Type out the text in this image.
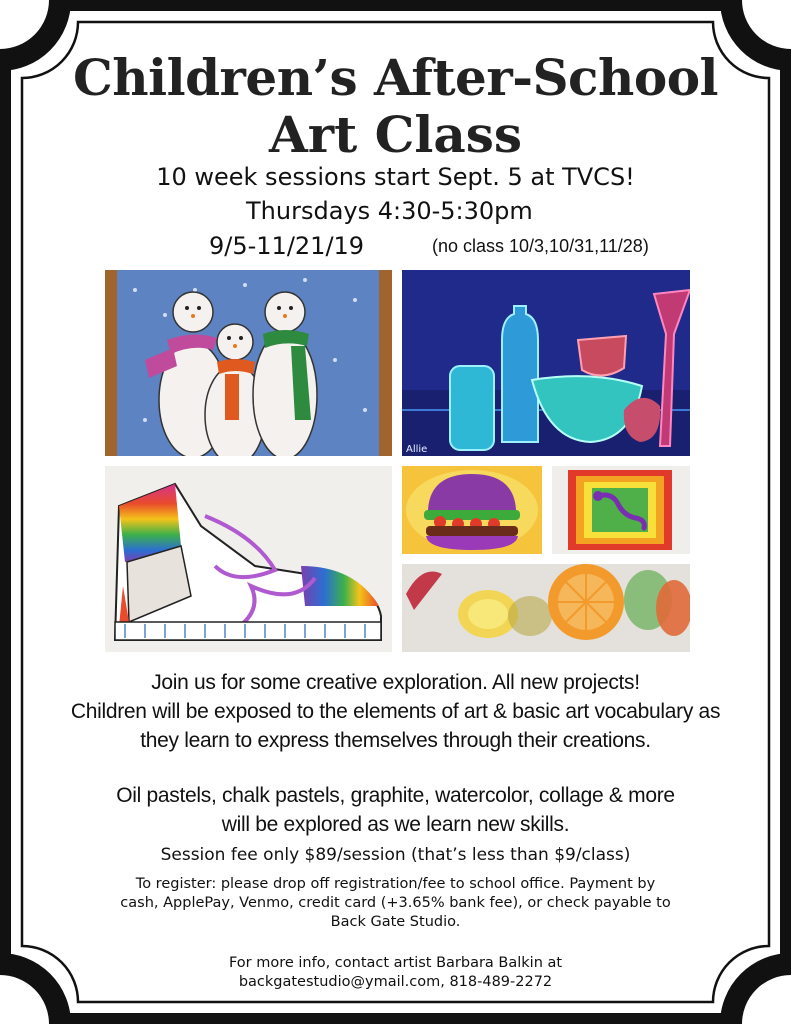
Children’s After-School
Art Class
10 week sessions start Sept. 5 at TVCS!
Thursdays 4:30-5:30pm
9/5-11/21/19	(no class 10/3,10/31,11/28)
Allie
Join us for some creative exploration. All new projects!
Children will be exposed to the elements of art & basic art vocabulary as
they learn to express themselves through their creations.
Oil pastels, chalk pastels, graphite, watercolor, collage & more
will be explored as we learn new skills.
Session fee only $89/session (that’s less than $9/class)
To register: please drop off registration/fee to school office. Payment by
cash, ApplePay, Venmo, credit card (+3.65% bank fee), or check payable to
Back Gate Studio.
For more info, contact artist Barbara Balkin at
backgatestudio@ymail.com, 818-489-2272
